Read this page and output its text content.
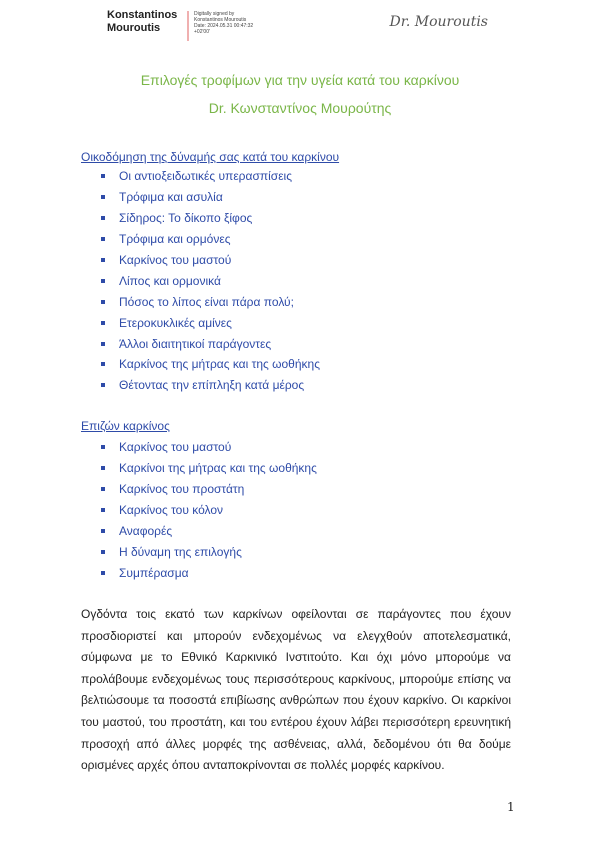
Konstantinos
Mouroutis
Digitally signed by
Konstantinos Mouroutis
Date: 2024.05.31 00:47:32
+02'00'
Dr. Mouroutis
Επιλογές τροφίμων για την υγεία κατά του καρκίνου
Dr. Κωνσταντίνος Μουρούτης
Οικοδόμηση της δύναμής σας κατά του καρκίνου
Οι αντιοξειδωτικές υπερασπίσεις
Τρόφιμα και ασυλία
Σίδηρος: Το δίκοπο ξίφος
Τρόφιμα και ορμόνες
Καρκίνος του μαστού
Λίπος και ορμονικά
Πόσος το λίπος είναι πάρα πολύ;
Ετεροκυκλικές αμίνες
Άλλοι διαιτητικοί παράγοντες
Καρκίνος της μήτρας και της ωοθήκης
Θέτοντας την επίπληξη κατά μέρος
Επιζών καρκίνος
Καρκίνος του μαστού
Καρκίνοι της μήτρας και της ωοθήκης
Καρκίνος του προστάτη
Καρκίνος του κόλον
Αναφορές
Η δύναμη της επιλογής
Συμπέρασμα
Ογδόντα τοις εκατό των καρκίνων οφείλονται σε παράγοντες που έχουν προσδιοριστεί και μπορούν ενδεχομένως να ελεγχθούν αποτελεσματικά, σύμφωνα με το Εθνικό Καρκινικό Ινστιτούτο. Και όχι μόνο μπορούμε να προλάβουμε ενδεχομένως τους περισσότερους καρκίνους, μπορούμε επίσης να βελτιώσουμε τα ποσοστά επιβίωσης ανθρώπων που έχουν καρκίνο. Οι καρκίνοι του μαστού, του προστάτη, και του εντέρου έχουν λάβει περισσότερη ερευνητική προσοχή από άλλες μορφές της ασθένειας, αλλά, δεδομένου ότι θα δούμε ορισμένες αρχές όπου ανταποκρίνονται σε πολλές μορφές καρκίνου.
1
